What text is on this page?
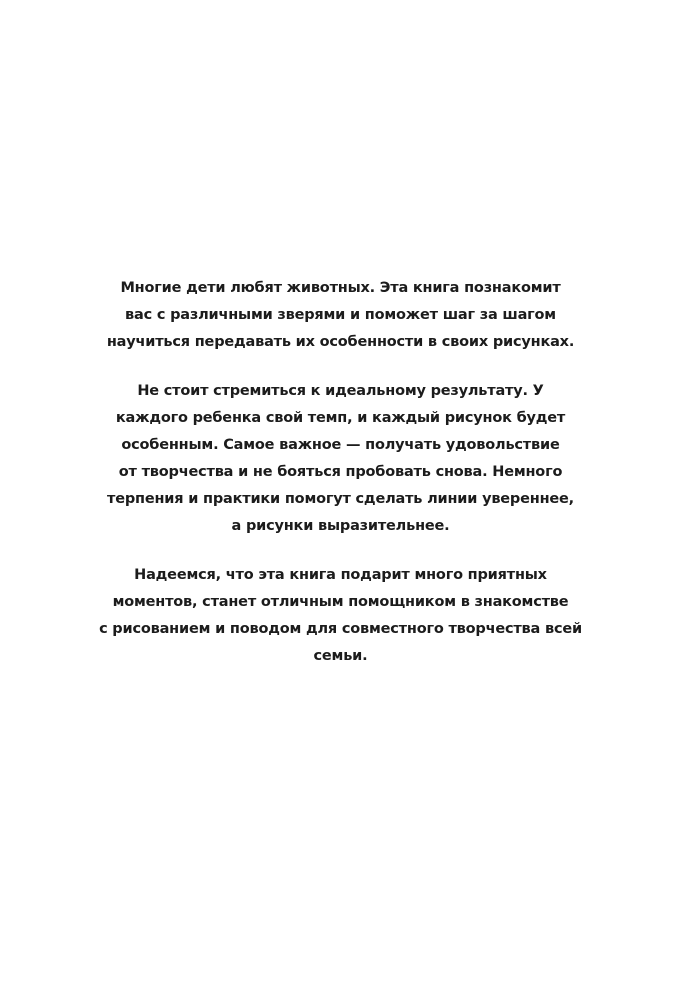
Многие дети любят животных. Эта книга познакомит
вас с различными зверями и поможет шаг за шагом
научиться передавать их особенности в своих рисунках.

Не стоит стремиться к идеальному результату. У
каждого ребенка свой темп, и каждый рисунок будет
особенным. Самое важное — получать удовольствие
от творчества и не бояться пробовать снова. Немного
терпения и практики помогут сделать линии увереннее,
а рисунки выразительнее.

Надеемся, что эта книга подарит много приятных
моментов, станет отличным помощником в знакомстве
с рисованием и поводом для совместного творчества всей
семьи.
